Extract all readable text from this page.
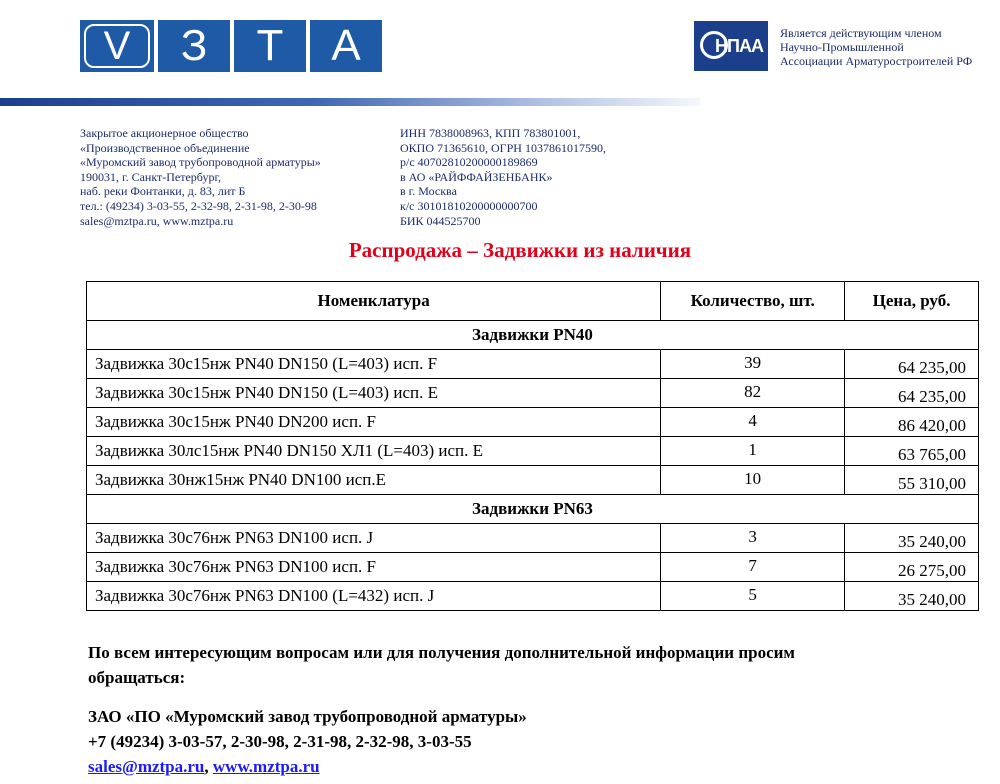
V З Т А	НПАА
Является действующим членом
Научно-Промышленной
Ассоциации Арматуростроителей РФ
Закрытое акционерное общество
«Производственное объединение
«Муромский завод трубопроводной арматуры»
190031, г. Санкт-Петербург,
наб. реки Фонтанки, д. 83, лит Б
тел.: (49234) 3-03-55, 2-32-98, 2-31-98, 2-30-98
sales@mztpa.ru, www.mztpa.ru
ИНН 7838008963, КПП 783801001,
ОКПО 71365610, ОГРН 1037861017590,
р/с 40702810200000189869
в АО «РАЙФФАЙЗЕНБАНК»
в г. Москва
к/с 30101810200000000700
БИК 044525700
Распродажа – Задвижки из наличия
Номенклатура	Количество, шт.	Цена, руб.
Задвижки PN40		
Задвижка 30с15нж PN40 DN150 (L=403) исп. F	39	64 235,00
Задвижка 30с15нж PN40 DN150 (L=403) исп. E	82	64 235,00
Задвижка 30с15нж PN40 DN200 исп. F	4	86 420,00
Задвижка 30лс15нж PN40 DN150 ХЛ1 (L=403) исп. E	1	63 765,00
Задвижка 30нж15нж PN40 DN100 исп.E	10	55 310,00
Задвижки PN63		
Задвижка 30с76нж PN63 DN100 исп. J	3	35 240,00
Задвижка 30с76нж PN63 DN100 исп. F	7	26 275,00
Задвижка 30с76нж PN63 DN100 (L=432) исп. J	5	35 240,00
По всем интересующим вопросам или для получения дополнительной информации просим
обращаться:
ЗАО «ПО «Муромский завод трубопроводной арматуры»
+7 (49234) 3-03-57, 2-30-98, 2-31-98, 2-32-98, 3-03-55
sales@mztpa.ru, www.mztpa.ru
